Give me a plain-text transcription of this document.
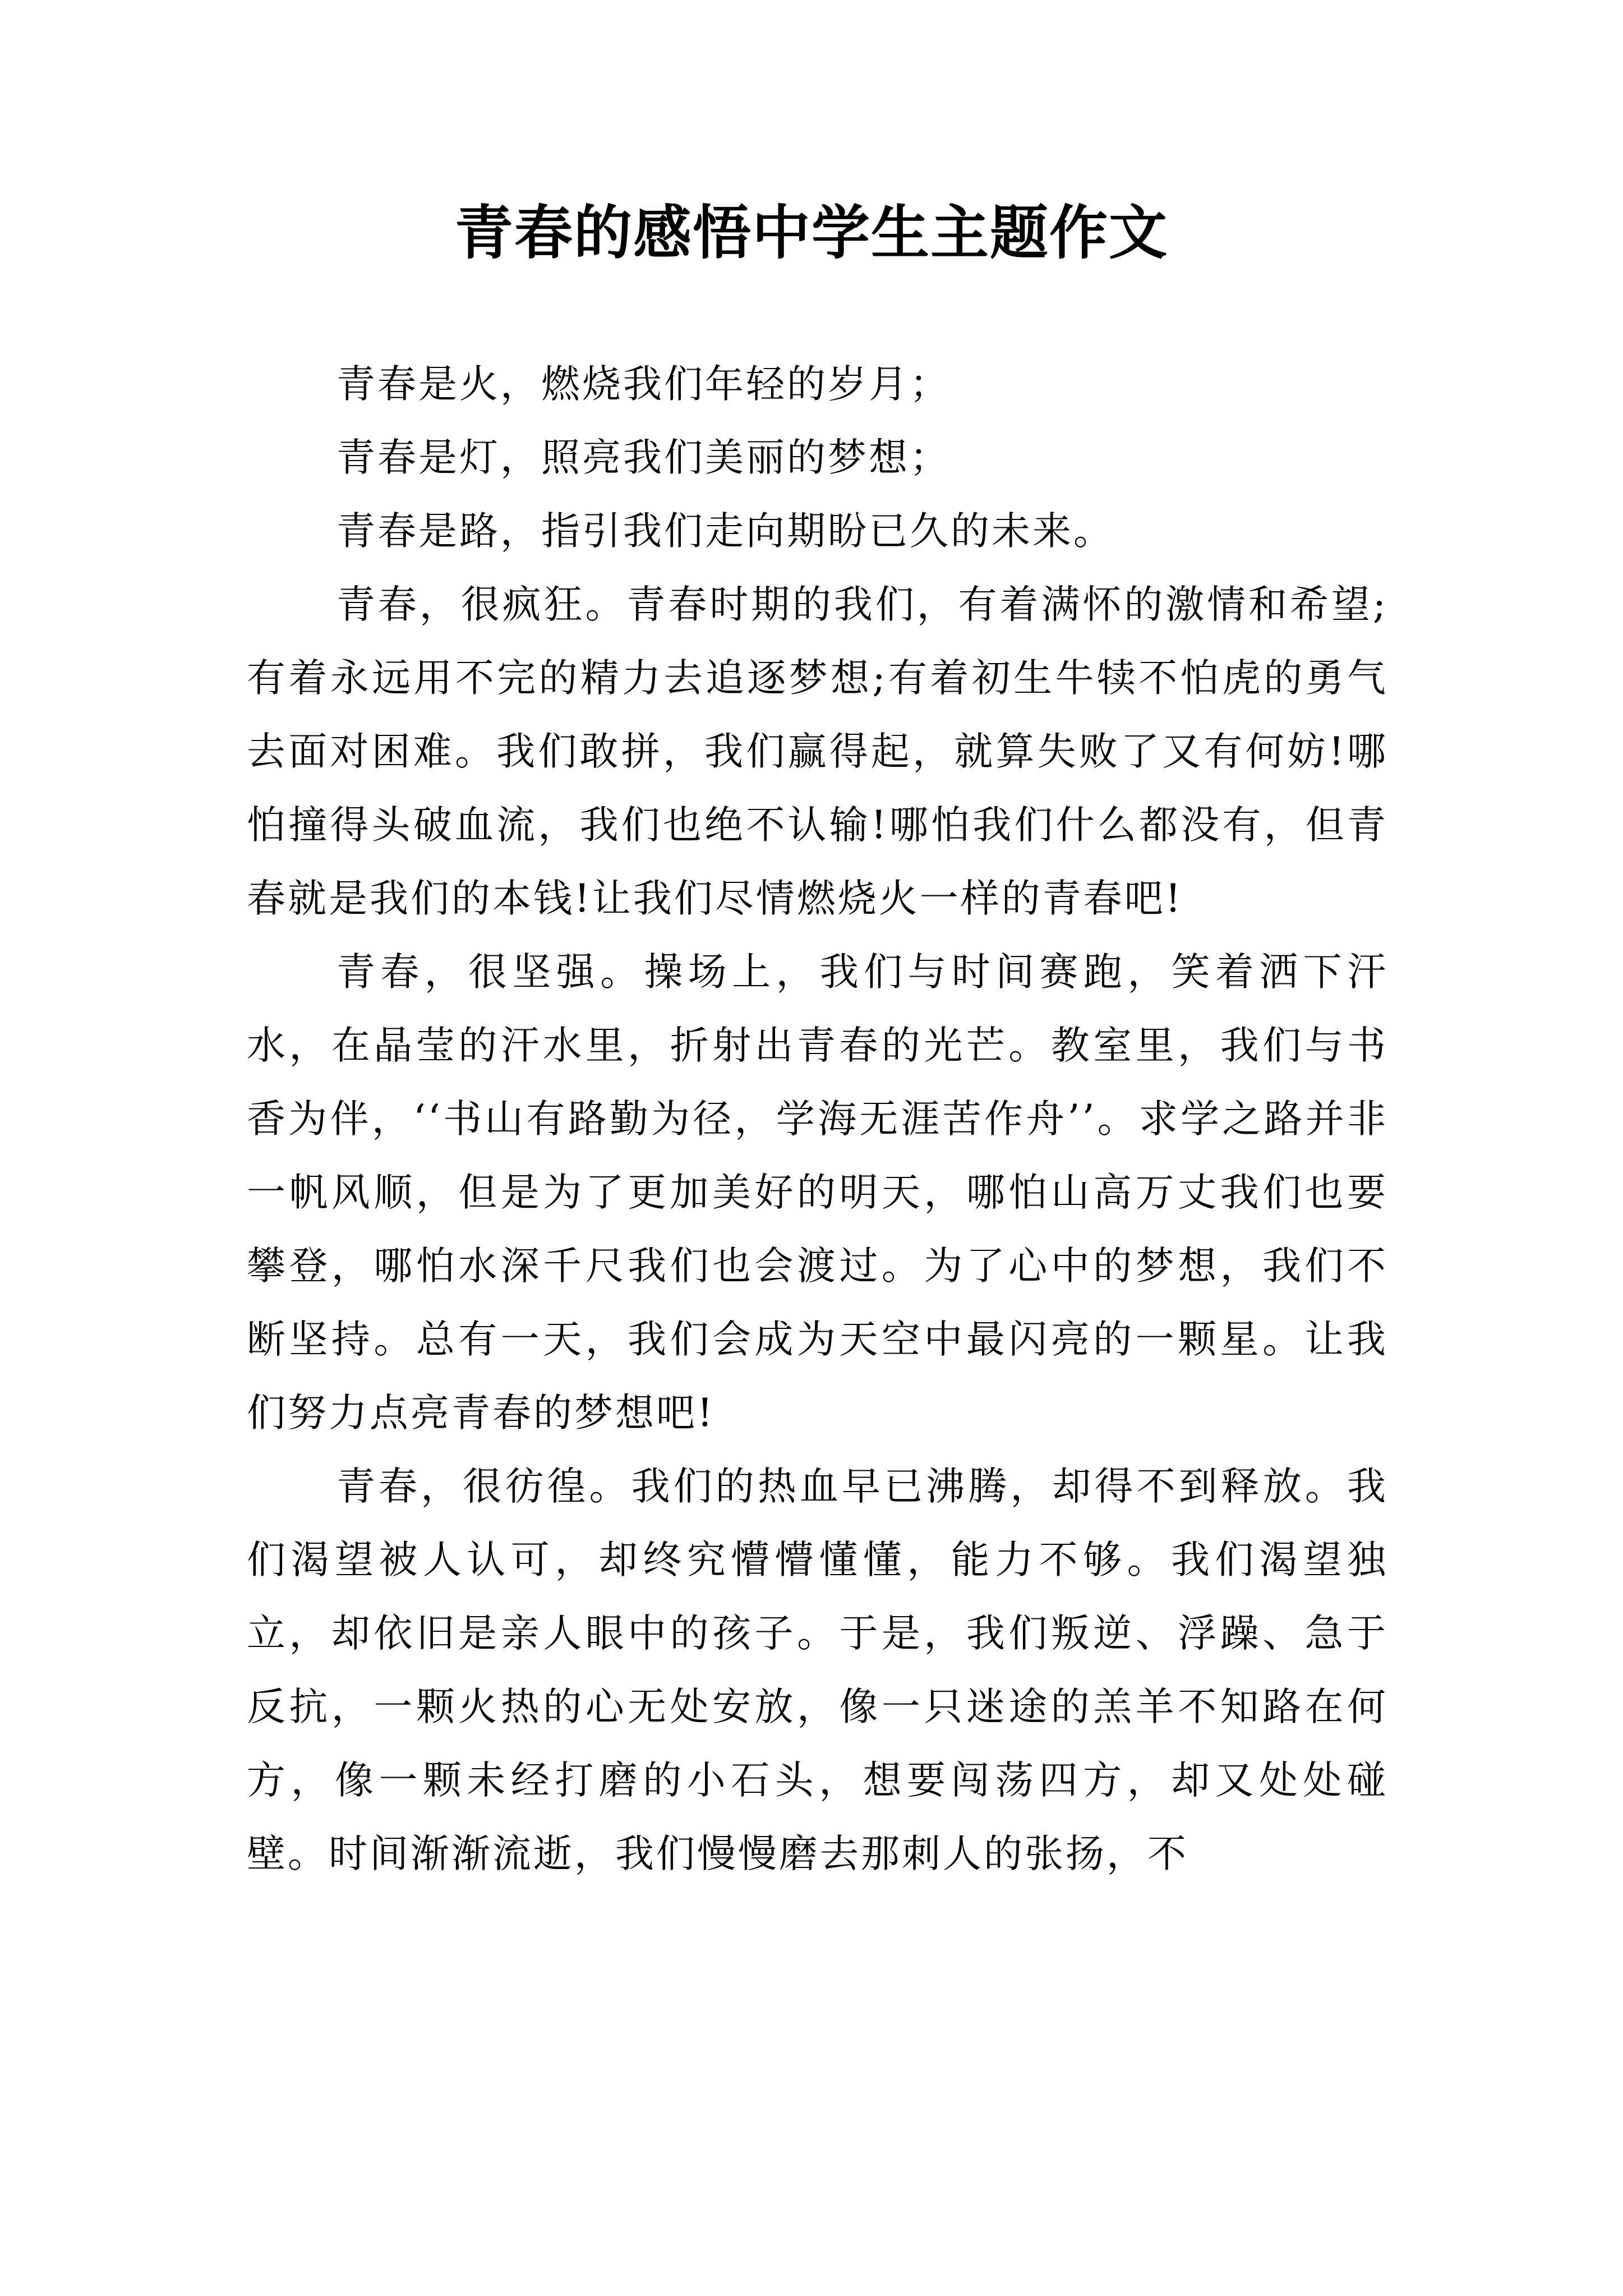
青春的感悟中学生主题作文

青春是火，燃烧我们年轻的岁月；

青春是灯，照亮我们美丽的梦想；

青春是路，指引我们走向期盼已久的未来。

青春，很疯狂。青春时期的我们，有着满怀的激情和希望;有着永远用不完的精力去追逐梦想;有着初生牛犊不怕虎的勇气去面对困难。我们敢拼，我们赢得起，就算失败了又有何妨!哪怕撞得头破血流，我们也绝不认输!哪怕我们什么都没有，但青春就是我们的本钱!让我们尽情燃烧火一样的青春吧!

青春，很坚强。操场上，我们与时间赛跑，笑着洒下汗水，在晶莹的汗水里，折射出青春的光芒。教室里，我们与书香为伴，‘‘书山有路勤为径，学海无涯苦作舟’’。求学之路并非一帆风顺，但是为了更加美好的明天，哪怕山高万丈我们也要攀登，哪怕水深千尺我们也会渡过。为了心中的梦想，我们不断坚持。总有一天，我们会成为天空中最闪亮的一颗星。让我们努力点亮青春的梦想吧!

青春，很彷徨。我们的热血早已沸腾，却得不到释放。我们渴望被人认可，却终究懵懵懂懂，能力不够。我们渴望独立，却依旧是亲人眼中的孩子。于是，我们叛逆、浮躁、急于反抗，一颗火热的心无处安放，像一只迷途的羔羊不知路在何方，像一颗未经打磨的小石头，想要闯荡四方，却又处处碰壁。时间渐渐流逝，我们慢慢磨去那刺人的张扬，不
